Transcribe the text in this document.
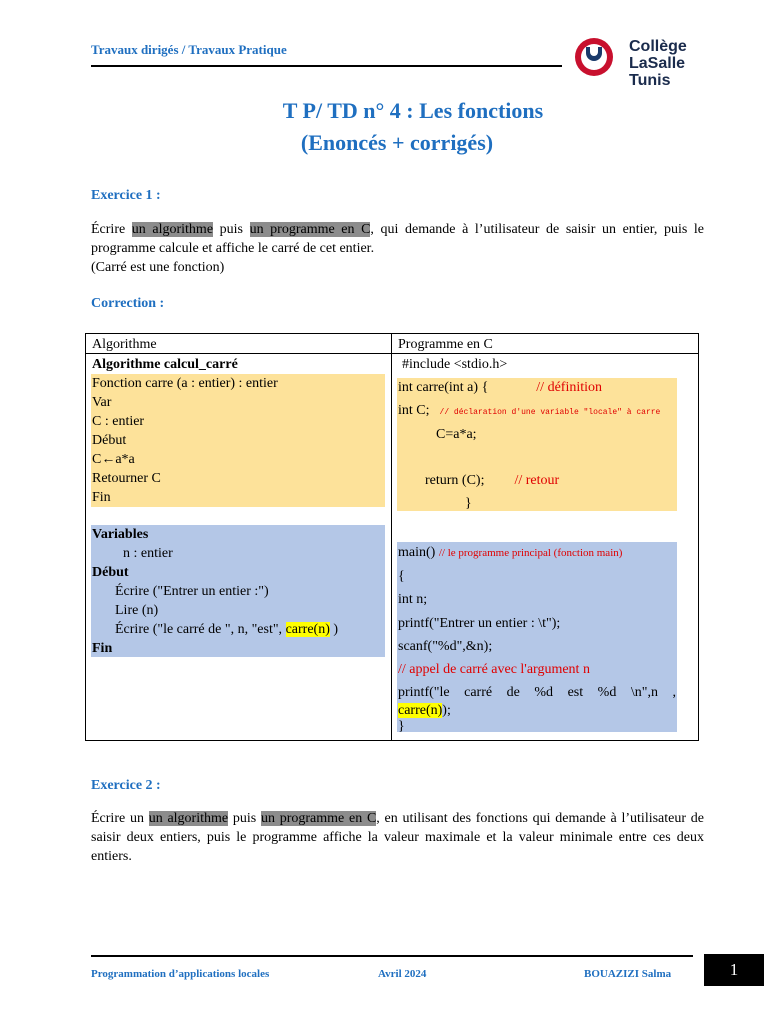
Travaux dirigés / Travaux Pratique	Collège LaSalle
Tunis
T P/ TD n° 4 : Les fonctions
(Enoncés + corrigés)
Exercice 1 :
Écrire un algorithme puis un programme en C, qui demande à l’utilisateur de saisir un entier, puis le programme calcule et affiche le carré de cet entier.
(Carré est une fonction)
Correction :
Algorithme	Programme en C
Algorithme calcul_carré
Fonction carre (a : entier) : entier
Var
C : entier
Début
C←a*a
Retourner C
Fin
Variables
n : entier
Début
Écrire ("Entrer un entier :")
Lire (n)
Écrire ("le carré de ", n, "est", carre(n) )
Fin
#include <stdio.h>
int carre(int a) {	// définition
int C; // déclaration d'une variable "locale" à carre
C=a*a;
return (C); // retour
}
main() // le programme principal (fonction main)
{
int n;
printf("Entrer un entier : \t");
scanf("%d",&n);
// appel de carré avec l'argument n
printf("le carré de %d est %d \n",n ,
carre(n));
}
Exercice 2 :
Écrire un un algorithme puis un programme en C, en utilisant des fonctions qui demande à l’utilisateur de saisir deux entiers, puis le programme affiche la valeur maximale et la valeur minimale entre ces deux entiers.
Programmation d’applications locales	Avril 2024	BOUAZIZI Salma	1
